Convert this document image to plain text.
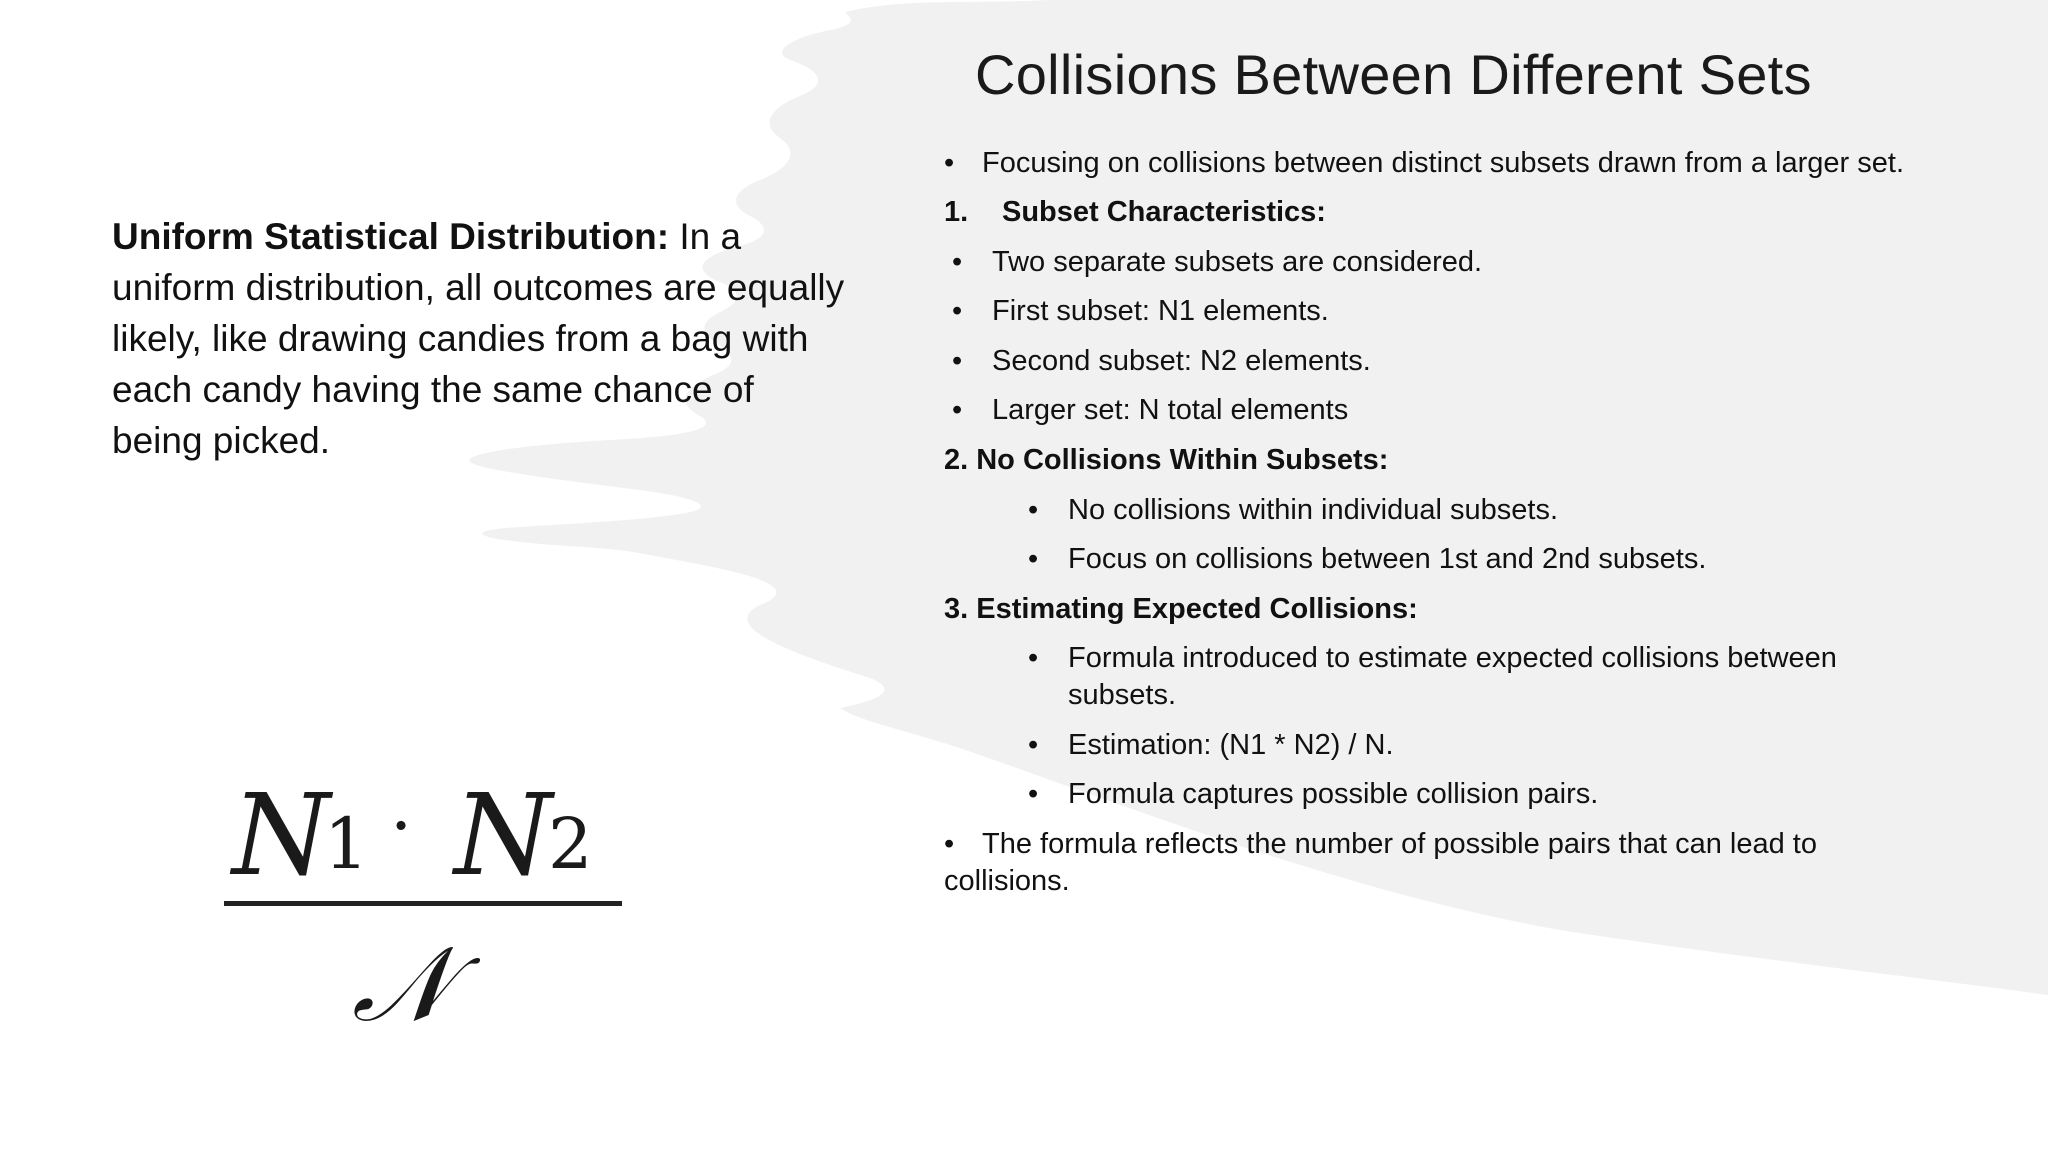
Collisions Between Different Sets
Uniform Statistical Distribution: In a uniform distribution, all outcomes are equally likely, like drawing candies from a bag with each candy having the same chance of being picked.
N
1 · N
2
𝒩
• Focusing on collisions between distinct subsets drawn from a larger set.
1. Subset Characteristics:
• Two separate subsets are considered.
• First subset: N1 elements.
• Second subset: N2 elements.
• Larger set: N total elements
2. No Collisions Within Subsets:
• No collisions within individual subsets.
• Focus on collisions between 1st and 2nd subsets.
3. Estimating Expected Collisions:
• Formula introduced to estimate expected collisions between
subsets.
• Estimation: (N1 * N2) / N.
• Formula captures possible collision pairs.
• The formula reflects the number of possible pairs that can lead to
collisions.
